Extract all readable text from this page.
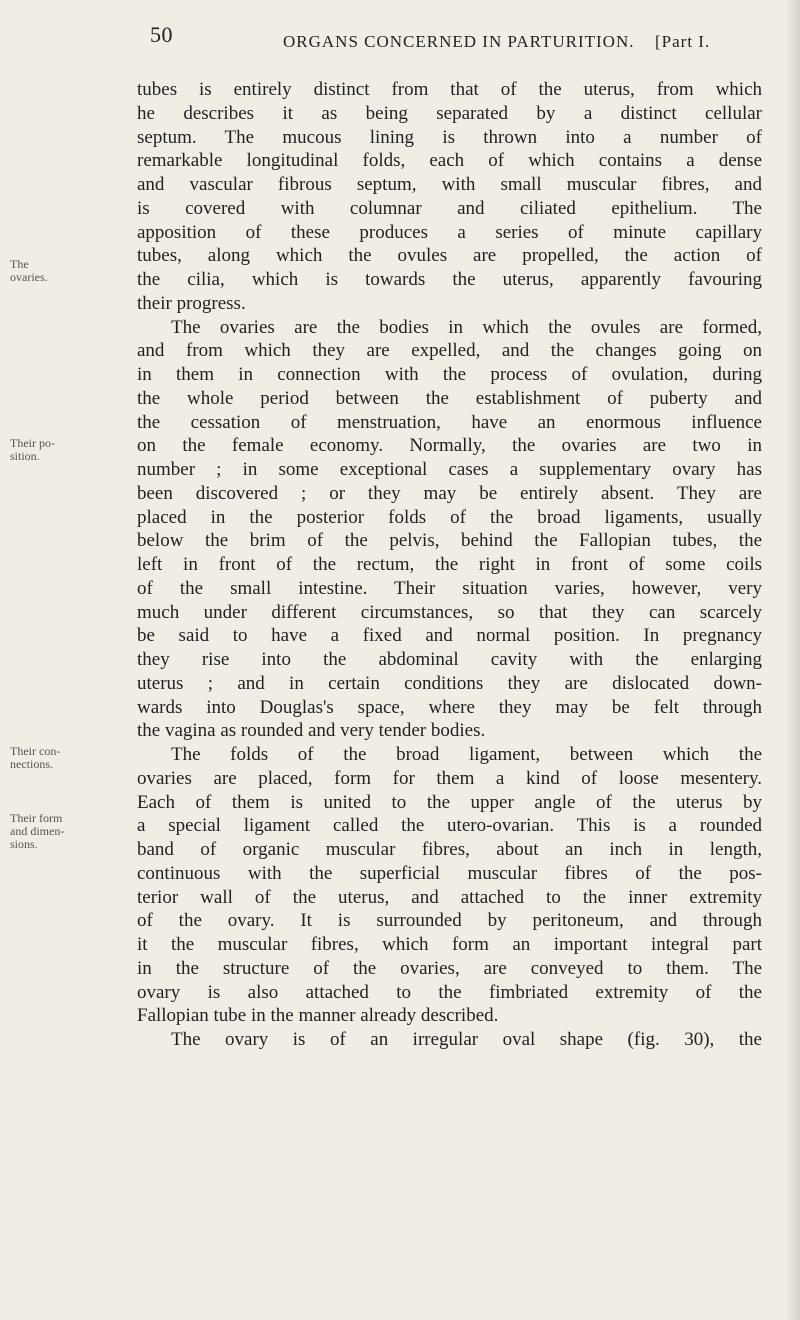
50	ORGANS CONCERNED IN PARTURITION. [Part I.
The
ovaries.
Their po-
sition.
Their con-
nections.
Their form
and dimen-
sions.
tubes is entirely distinct from that of the uterus, from which
he describes it as being separated by a distinct cellular
septum. The mucous lining is thrown into a number of
remarkable longitudinal folds, each of which contains a dense
and vascular fibrous septum, with small muscular fibres, and
is covered with columnar and ciliated epithelium. The
apposition of these produces a series of minute capillary
tubes, along which the ovules are propelled, the action of
the cilia, which is towards the uterus, apparently favouring
their progress.
The ovaries are the bodies in which the ovules are formed,
and from which they are expelled, and the changes going on
in them in connection with the process of ovulation, during
the whole period between the establishment of puberty and
the cessation of menstruation, have an enormous influence
on the female economy. Normally, the ovaries are two in
number ; in some exceptional cases a supplementary ovary has
been discovered ; or they may be entirely absent. They are
placed in the posterior folds of the broad ligaments, usually
below the brim of the pelvis, behind the Fallopian tubes, the
left in front of the rectum, the right in front of some coils
of the small intestine. Their situation varies, however, very
much under different circumstances, so that they can scarcely
be said to have a fixed and normal position. In pregnancy
they rise into the abdominal cavity with the enlarging
uterus ; and in certain conditions they are dislocated down-
wards into Douglas's space, where they may be felt through
the vagina as rounded and very tender bodies.
The folds of the broad ligament, between which the
ovaries are placed, form for them a kind of loose mesentery.
Each of them is united to the upper angle of the uterus by
a special ligament called the utero-ovarian. This is a rounded
band of organic muscular fibres, about an inch in length,
continuous with the superficial muscular fibres of the pos-
terior wall of the uterus, and attached to the inner extremity
of the ovary. It is surrounded by peritoneum, and through
it the muscular fibres, which form an important integral part
in the structure of the ovaries, are conveyed to them. The
ovary is also attached to the fimbriated extremity of the
Fallopian tube in the manner already described.
The ovary is of an irregular oval shape (fig. 30), the
